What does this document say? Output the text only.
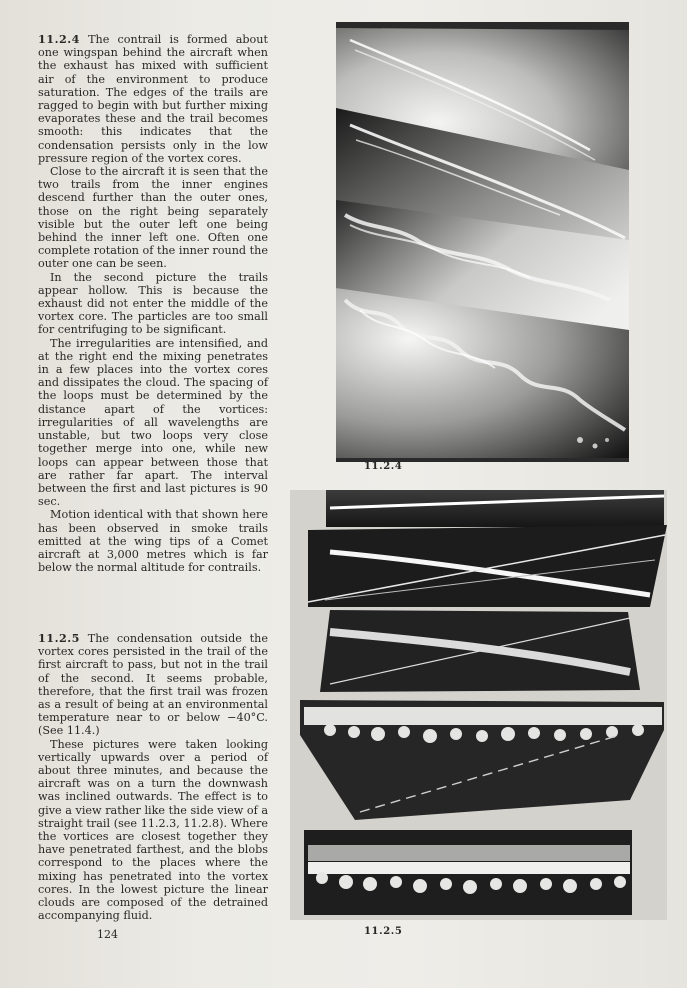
11.2.4 The contrail is formed about one wingspan behind the aircraft when the exhaust has mixed with sufficient air of the environment to produce saturation. The edges of the trails are ragged to begin with but further mixing evaporates these and the trail becomes smooth: this indicates that the condensation persists only in the low pressure region of the vortex cores.

Close to the aircraft it is seen that the two trails from the inner engines descend further than the outer ones, those on the right being separately visible but the outer left one being behind the inner left one. Often one complete rotation of the inner round the outer one can be seen.

In the second picture the trails appear hollow. This is because the exhaust did not enter the middle of the vortex core. The particles are too small for centrifuging to be significant.

The irregularities are intensified, and at the right end the mixing penetrates in a few places into the vortex cores and dissipates the cloud. The spacing of the loops must be determined by the distance apart of the vortices: irregularities of all wavelengths are unstable, but two loops very close together merge into one, while new loops can appear between those that are rather far apart. The interval between the first and last pictures is 90 sec.

Motion identical with that shown here has been observed in smoke trails emitted at the wing tips of a Comet aircraft at 3,000 metres which is far below the normal altitude for contrails.

11.2.5 The condensation outside the vortex cores persisted in the trail of the first aircraft to pass, but not in the trail of the second. It seems probable, therefore, that the first trail was frozen as a result of being at an environmental temperature near to or below −40°C. (See 11.4.)

These pictures were taken looking vertically upwards over a period of about three minutes, and because the aircraft was on a turn the downwash was inclined outwards. The effect is to give a view rather like the side view of a straight trail (see 11.2.3, 11.2.8). Where the vortices are closest together they have penetrated farthest, and the blobs correspond to the places where the mixing has penetrated into the vortex cores. In the lowest picture the linear clouds are composed of the detrained accompanying fluid.

124
11.2.4
11.2.5
